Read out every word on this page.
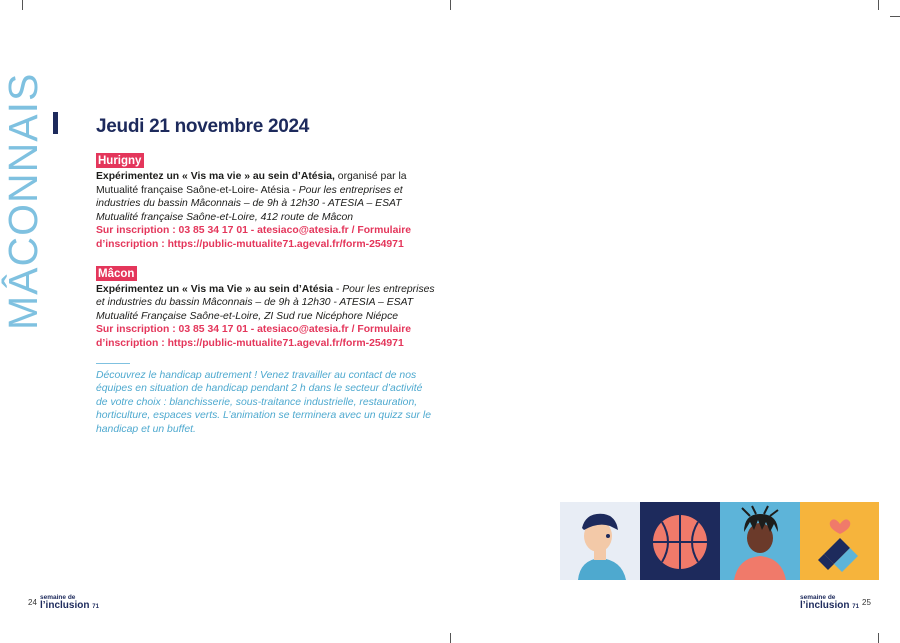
MÂCONNAIS	Jeudi 21 novembre 2024
Hurigny

Expérimentez un « Vis ma vie » au sein d’Atésia, organisé par la Mutualité française Saône-et-Loire- Atésia - Pour les entreprises et industries du bassin Mâconnais – de 9h à 12h30 - ATESIA – ESAT Mutualité française Saône-et-Loire, 412 route de Mâcon
Sur inscription : 03 85 34 17 01 - atesiaco@atesia.fr / Formulaire d’inscription : https://public-mutualite71.ageval.fr/form-254971

Mâcon

Expérimentez un « Vis ma Vie » au sein d’Atésia - Pour les entreprises et industries du bassin Mâconnais – de 9h à 12h30 - ATESIA – ESAT Mutualité Française Saône-et-Loire, ZI Sud rue Nicéphore Niépce
Sur inscription : 03 85 34 17 01 - atesiaco@atesia.fr / Formulaire d’inscription : https://public-mutualite71.ageval.fr/form-254971

Découvrez le handicap autrement ! Venez travailler au contact de nos équipes en situation de handicap pendant 2 h dans le secteur d’activité de votre choix : blanchisserie, sous-traitance industrielle, restauration, horticulture, espaces verts. L’animation se terminera avec un quizz sur le handicap et un buffet.

24
semaine de
l’inclusion 71
semaine de
l’inclusion 71 25
